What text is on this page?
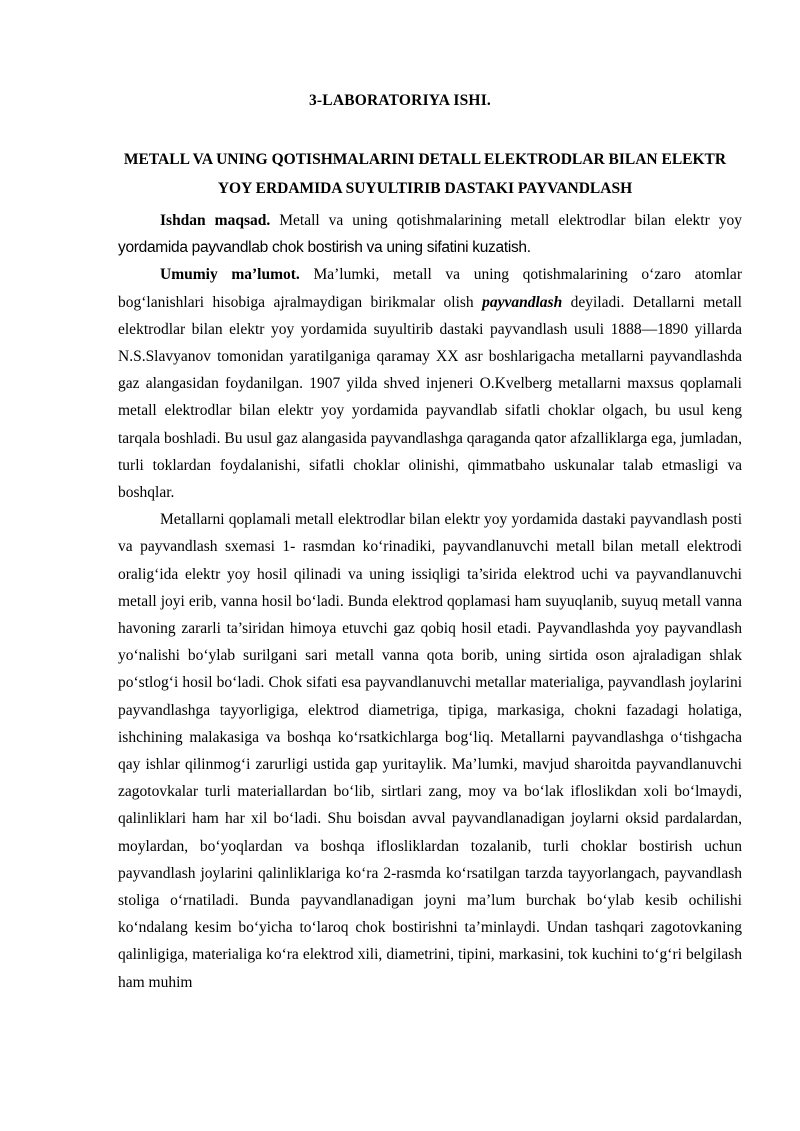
3-LABORATORIYA ISHI.
METALL VA UNING QOTISHMALARINI DETALL ELEKTRODLAR BILAN ELEKTR YOY ERDAMIDA SUYULTIRIB DASTAKI PAYVANDLASH

Ishdan maqsad. Metall va uning qotishmalarining metall elektrodlar bilan elektr yoy yordamida payvandlab chok bostirish va uning sifatini kuzatish.

Umumiy ma’lumot. Ma’lumki, metall va uning qotishmalarining o‘zaro atomlar bog‘lanishlari hisobiga ajralmaydigan birikmalar olish payvandlash deyiladi. Detallarni metall elektrodlar bilan elektr yoy yordamida suyultirib dastaki payvandlash usuli 1888—1890 yillarda N.S.Slavyanov tomonidan yaratilganiga qaramay XX asr boshlarigacha metallarni payvandlashda gaz alangasidan foydanilgan. 1907 yilda shved injeneri O.Kvelberg metallarni maxsus qoplamali metall elektrodlar bilan elektr yoy yordamida payvandlab sifatli choklar olgach, bu usul keng tarqala boshladi. Bu usul gaz alangasida payvandlashga qaraganda qator afzalliklarga ega, jumladan, turli toklardan foydalanishi, sifatli choklar olinishi, qimmatbaho uskunalar talab etmasligi va boshqlar.

Metallarni qoplamali metall elektrodlar bilan elektr yoy yordamida dastaki payvandlash posti va payvandlash sxemasi 1- rasmdan ko‘rinadiki, payvandlanuvchi metall bilan metall elektrodi oralig‘ida elektr yoy hosil qilinadi va uning issiqligi ta’sirida elektrod uchi va payvandlanuvchi metall joyi erib, vanna hosil bo‘ladi. Bunda elektrod qoplamasi ham suyuqlanib, suyuq metall vanna havoning zararli ta’siridan himoya etuvchi gaz qobiq hosil etadi. Payvandlashda yoy payvandlash yo‘nalishi bo‘ylab surilgani sari metall vanna qota borib, uning sirtida oson ajraladigan shlak po‘stlog‘i hosil bo‘ladi. Chok sifati esa payvandlanuvchi metallar materialiga, payvandlash joylarini payvandlashga tayyorligiga, elektrod diametriga, tipiga, markasiga, chokni fazadagi holatiga, ishchining malakasiga va boshqa ko‘rsatkichlarga bog‘liq. Metallarni payvandlashga o‘tishgacha qay ishlar qilinmog‘i zarurligi ustida gap yuritaylik. Ma’lumki, mavjud sharoitda payvandlanuvchi zagotovkalar turli materiallardan bo‘lib, sirtlari zang, moy va bo‘lak ifloslikdan xoli bo‘lmaydi, qalinliklari ham har xil bo‘ladi. Shu boisdan avval payvandlanadigan joylarni oksid pardalardan, moylardan, bo‘yoqlardan va boshqa iflosliklardan tozalanib, turli choklar bostirish uchun payvandlash joylarini qalinliklariga ko‘ra 2-rasmda ko‘rsatilgan tarzda tayyorlangach, payvandlash stoliga o‘rnatiladi. Bunda payvandlanadigan joyni ma’lum burchak bo‘ylab kesib ochilishi ko‘ndalang kesim bo‘yicha to‘laroq chok bostirishni ta’minlaydi. Undan tashqari zagotovkaning qalinligiga, materialiga ko‘ra elektrod xili, diametrini, tipini, markasini, tok kuchini to‘g‘ri belgilash ham muhim
